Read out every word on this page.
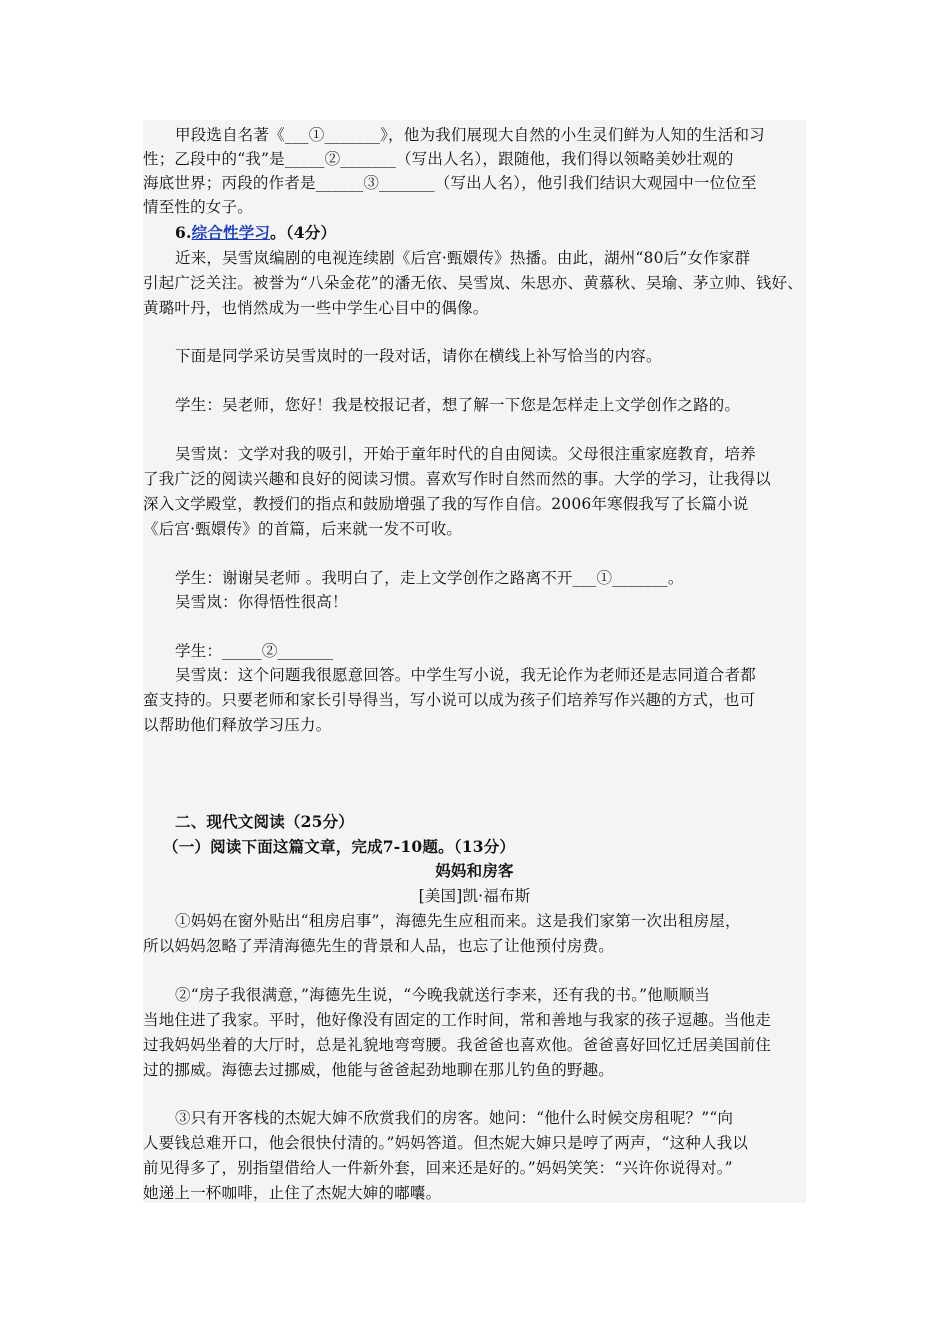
甲段选自名著《___①_______》，他为我们展现大自然的小生灵们鲜为人知的生活和习
性；乙段中的“我”是_____②_______（写出人名），跟随他，我们得以领略美妙壮观的
海底世界；丙段的作者是______③_______（写出人名），他引我们结识大观园中一位位至
情至性的女子。
6.综合性学习。（4分）
近来，吴雪岚编剧的电视连续剧《后宫·甄嬛传》热播。由此，湖州“80后”女作家群
引起广泛关注。被誉为“八朵金花”的潘无依、吴雪岚、朱思亦、黄慕秋、吴瑜、茅立帅、钱好、
黄璐叶丹，也悄然成为一些中学生心目中的偶像。
下面是同学采访吴雪岚时的一段对话，请你在横线上补写恰当的内容。
学生：吴老师，您好！我是校报记者，想了解一下您是怎样走上文学创作之路的。
吴雪岚：文学对我的吸引，开始于童年时代的自由阅读。父母很注重家庭教育，培养
了我广泛的阅读兴趣和良好的阅读习惯。喜欢写作时自然而然的事。大学的学习，让我得以
深入文学殿堂，教授们的指点和鼓励增强了我的写作自信。2006年寒假我写了长篇小说
《后宫·甄嬛传》的首篇，后来就一发不可收。
学生：谢谢吴老师 。我明白了，走上文学创作之路离不开___①_______。
吴雪岚：你得悟性很高！
学生：_____②_______
吴雪岚：这个问题我很愿意回答。中学生写小说，我无论作为老师还是志同道合者都
蛮支持的。只要老师和家长引导得当，写小说可以成为孩子们培养写作兴趣的方式，也可
以帮助他们释放学习压力。
二、现代文阅读（25分）
（一）阅读下面这篇文章，完成7-10题。（13分）
妈妈和房客
[美国]凯·福布斯
①妈妈在窗外贴出“租房启事”，海德先生应租而来。这是我们家第一次出租房屋，
所以妈妈忽略了弄清海德先生的背景和人品，也忘了让他预付房费。
②“房子我很满意，”海德先生说，“今晚我就送行李来，还有我的书。”他顺顺当
当地住进了我家。平时，他好像没有固定的工作时间，常和善地与我家的孩子逗趣。当他走
过我妈妈坐着的大厅时，总是礼貌地弯弯腰。我爸爸也喜欢他。爸爸喜好回忆迁居美国前住
过的挪威。海德去过挪威，他能与爸爸起劲地聊在那儿钓鱼的野趣。
③只有开客栈的杰妮大婶不欣赏我们的房客。她问：“他什么时候交房租呢？”“向
人要钱总难开口，他会很快付清的。”妈妈答道。但杰妮大婶只是哼了两声，“这种人我以
前见得多了，别指望借给人一件新外套，回来还是好的。”妈妈笑笑：“兴许你说得对。”
她递上一杯咖啡，止住了杰妮大婶的嘟囔。
